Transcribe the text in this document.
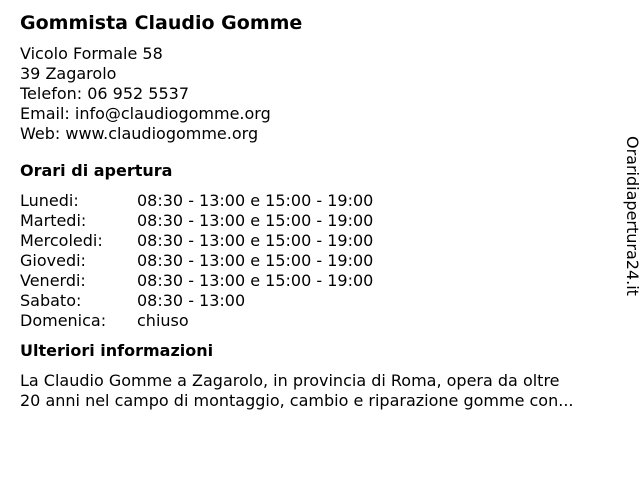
Gommista Claudio Gomme
Vicolo Formale 58
39 Zagarolo
Telefon: 06 952 5537
Email: info@claudiogomme.org
Web: www.claudiogomme.org
Orari di apertura
Lunedi:	08:30 - 13:00 e 15:00 - 19:00
Martedi:	08:30 - 13:00 e 15:00 - 19:00
Mercoledi:	08:30 - 13:00 e 15:00 - 19:00
Giovedi:	08:30 - 13:00 e 15:00 - 19:00
Venerdi:	08:30 - 13:00 e 15:00 - 19:00
Sabato:	08:30 - 13:00
Domenica:	chiuso
Ulteriori informazioni
La Claudio Gomme a Zagarolo, in provincia di Roma, opera da oltre
20 anni nel campo di montaggio, cambio e riparazione gomme con...
Oraridiapertura24.it
